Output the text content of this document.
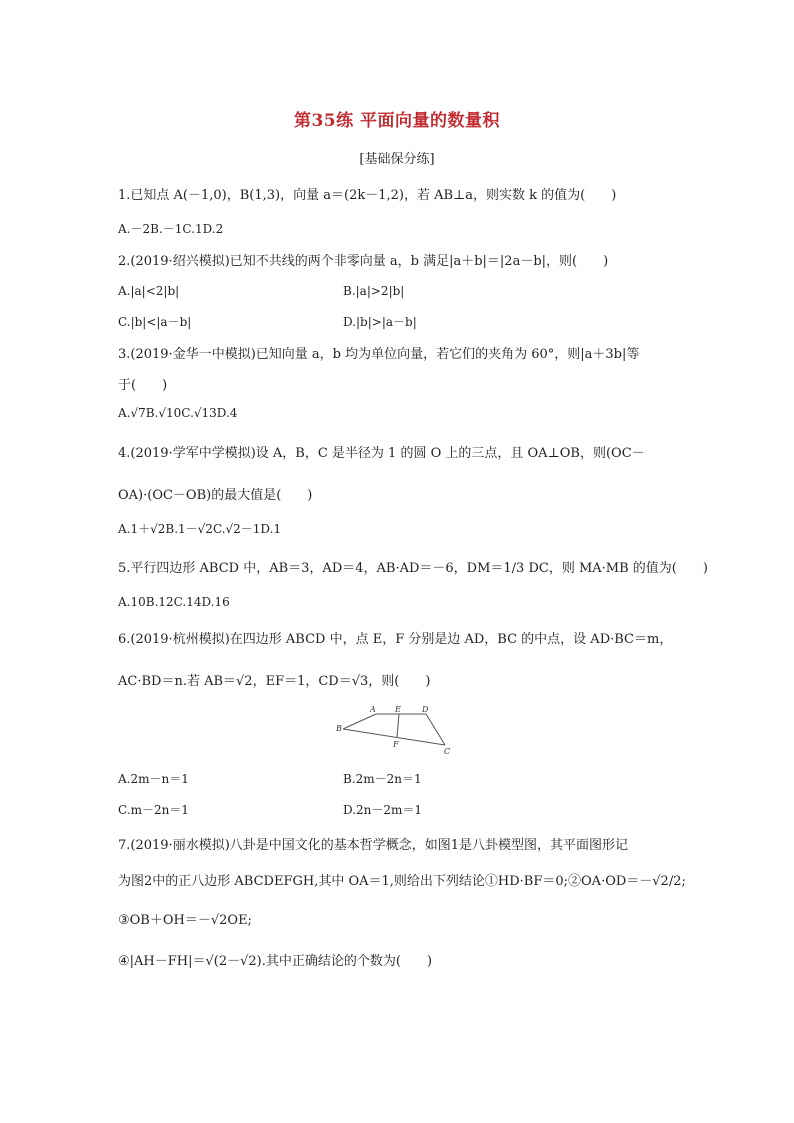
第35练 平面向量的数量积
[基础保分练]
1.已知点 A(－1,0)，B(1,3)，向量 a＝(2k－1,2)，若 AB⊥a，则实数 k 的值为(　　)
A.－2B.－1C.1D.2
2.(2019·绍兴模拟)已知不共线的两个非零向量 a，b 满足|a＋b|＝|2a－b|，则(　　)
A.|a|<2|b|	B.|a|>2|b|
C.|b|<|a－b|	D.|b|>|a－b|
3.(2019·金华一中模拟)已知向量 a，b 均为单位向量，若它们的夹角为 60°，则|a＋3b|等
于(　　)
A.√7B.√10C.√13D.4
4.(2019·学军中学模拟)设 A，B，C 是半径为 1 的圆 O 上的三点，且 OA⊥OB，则(OC－
OA)·(OC－OB)的最大值是(　　)
A.1＋√2B.1－√2C.√2－1D.1
5.平行四边形 ABCD 中，AB＝3，AD＝4，AB·AD＝－6，DM＝1/3 DC，则 MA·MB 的值为(　　)
A.10B.12C.14D.16
6.(2019·杭州模拟)在四边形 ABCD 中，点 E，F 分别是边 AD，BC 的中点，设 AD·BC＝m，
AC·BD＝n.若 AB＝√2，EF＝1，CD＝√3，则(　　)
A E	D
B
F
C
A.2m－n＝1	B.2m－2n＝1
C.m－2n＝1	D.2n－2m＝1
7.(2019·丽水模拟)八卦是中国文化的基本哲学概念，如图1是八卦模型图，其平面图形记
为图2中的正八边形 ABCDEFGH,其中 OA＝1,则给出下列结论①HD·BF＝0;②OA·OD＝－√2/2;
③OB＋OH＝－√2OE;
④|AH－FH|＝√(2－√2).其中正确结论的个数为(　　)
